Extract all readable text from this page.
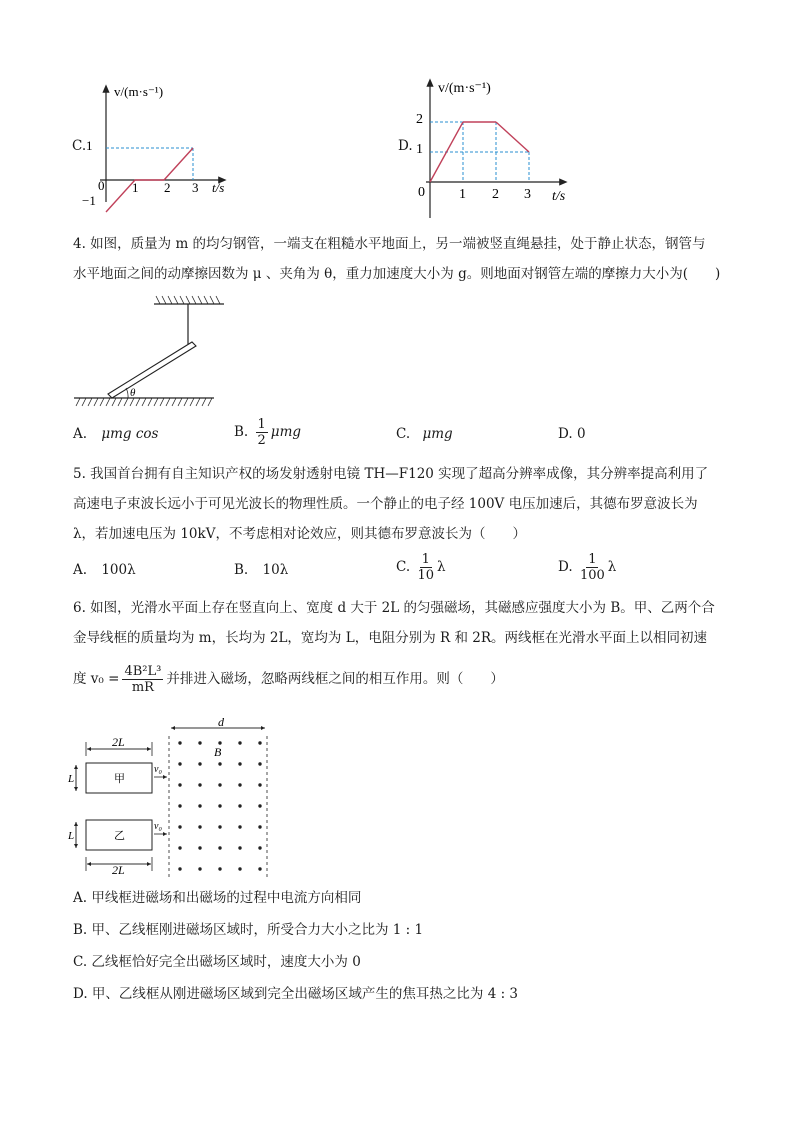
C.
v/(m·s⁻¹)
t/s
1
−1
0 1 2 3
D.
v/(m·s⁻¹)
t/s
2
1
0 1 2 3
4. 如图，质量为 m 的均匀钢管，一端支在粗糙水平地面上，另一端被竖直绳悬挂，处于静止状态，钢管与
水平地面之间的动摩擦因数为 μ 、夹角为 θ，重力加速度大小为 g。则地面对钢管左端的摩擦力大小为(　　)
θ
A. μmg cos	B. $\frac{1}{2}$ μmg	C. μmg	D. 0
5. 我国首台拥有自主知识产权的场发射透射电镜 TH—F120 实现了超高分辨率成像，其分辨率提高利用了
高速电子束波长远小于可见光波长的物理性质。一个静止的电子经 100V 电压加速后，其德布罗意波长为
λ，若加速电压为 10kV，不考虑相对论效应，则其德布罗意波长为（　　）
A. 100λ	B. 10λ	C. $\frac{1}{10}$ λ	D. $\frac{1}{100}$ λ
6. 如图，光滑水平面上存在竖直向上、宽度 d 大于 2L 的匀强磁场，其磁感应强度大小为 B。甲、乙两个合
金导线框的质量均为 m，长均为 2L，宽均为 L，电阻分别为 R 和 2R。两线框在光滑水平面上以相同初速
度 $v_0 = \frac{\text{4B²L³}}{mR}$ 并排进入磁场，忽略两线框之间的相互作用。则（　　）
d
B
2L
甲
L
v₀
乙
L
v₀
2L
A. 甲线框进磁场和出磁场的过程中电流方向相同
B. 甲、乙线框刚进磁场区域时，所受合力大小之比为 1 : 1
C. 乙线框恰好完全出磁场区域时，速度大小为 0
D. 甲、乙线框从刚进磁场区域到完全出磁场区域产生的焦耳热之比为 4 : 3
